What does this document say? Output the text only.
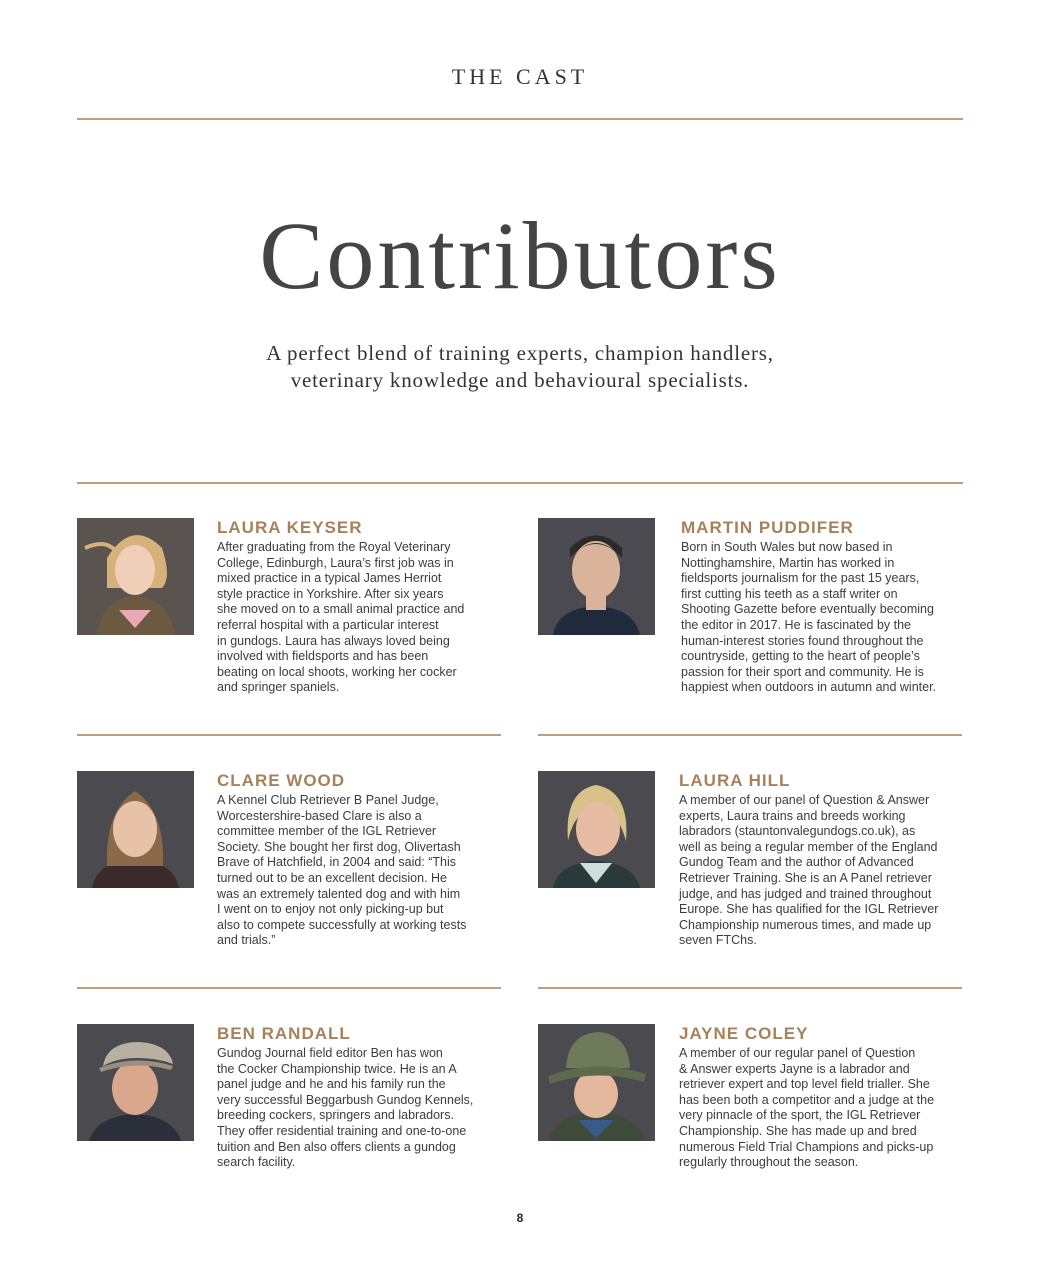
THE CAST
Contributors
A perfect blend of training experts, champion handlers,
veterinary knowledge and behavioural specialists.
LAURA KEYSER
After graduating from the Royal Veterinary
College, Edinburgh, Laura’s first job was in
mixed practice in a typical James Herriot
style practice in Yorkshire. After six years
she moved on to a small animal practice and
referral hospital with a particular interest
in gundogs. Laura has always loved being
involved with fieldsports and has been
beating on local shoots, working her cocker
and springer spaniels.
MARTIN PUDDIFER
Born in South Wales but now based in
Nottinghamshire, Martin has worked in
fieldsports journalism for the past 15 years,
first cutting his teeth as a staff writer on
Shooting Gazette before eventually becoming
the editor in 2017. He is fascinated by the
human-interest stories found throughout the
countryside, getting to the heart of people’s
passion for their sport and community. He is
happiest when outdoors in autumn and winter.
CLARE WOOD
A Kennel Club Retriever B Panel Judge,
Worcestershire-based Clare is also a
committee member of the IGL Retriever
Society. She bought her first dog, Olivertash
Brave of Hatchfield, in 2004 and said: “This
turned out to be an excellent decision. He
was an extremely talented dog and with him
I went on to enjoy not only picking-up but
also to compete successfully at working tests
and trials.”
LAURA HILL
A member of our panel of Question & Answer
experts, Laura trains and breeds working
labradors (stauntonvalegundogs.co.uk), as
well as being a regular member of the England
Gundog Team and the author of Advanced
Retriever Training. She is an A Panel retriever
judge, and has judged and trained throughout
Europe. She has qualified for the IGL Retriever
Championship numerous times, and made up
seven FTChs.
BEN RANDALL
Gundog Journal field editor Ben has won
the Cocker Championship twice. He is an A
panel judge and he and his family run the
very successful Beggarbush Gundog Kennels,
breeding cockers, springers and labradors.
They offer residential training and one-to-one
tuition and Ben also offers clients a gundog
search facility.
JAYNE COLEY
A member of our regular panel of Question
& Answer experts Jayne is a labrador and
retriever expert and top level field trialler. She
has been both a competitor and a judge at the
very pinnacle of the sport, the IGL Retriever
Championship. She has made up and bred
numerous Field Trial Champions and picks-up
regularly throughout the season.
8
